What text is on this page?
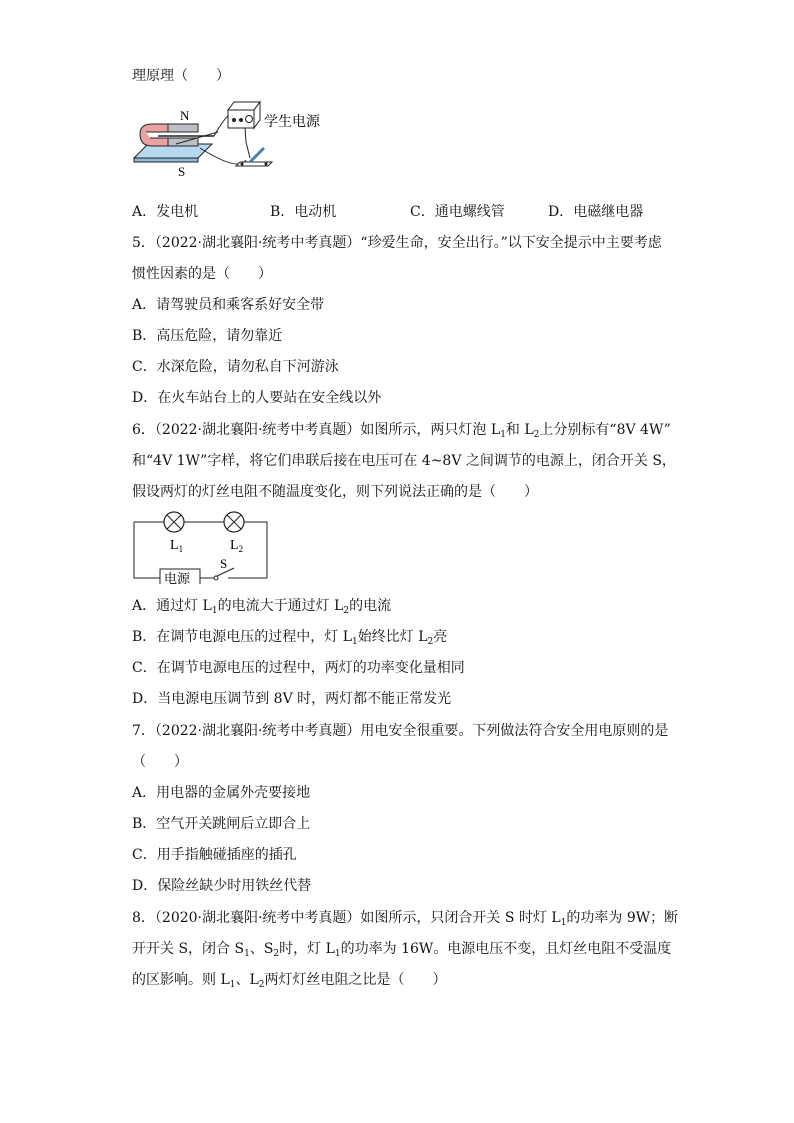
理原理（　　）
N
S
学生电源
A．发电机	B．电动机	C．通电螺线管	D．电磁继电器
5．（2022·湖北襄阳·统考中考真题）“珍爱生命，安全出行。”以下安全提示中主要考虑
惯性因素的是（　　）
A．请驾驶员和乘客系好安全带
B．高压危险，请勿靠近
C．水深危险，请勿私自下河游泳
D．在火车站台上的人要站在安全线以外
6．（2022·湖北襄阳·统考中考真题）如图所示，两只灯泡 $L_1$和 $L_2$上分别标有“8V 4W”
和“4V 1W”字样，将它们串联后接在电压可在 4~8V 之间调节的电源上，闭合开关 S，
假设两灯的灯丝电阻不随温度变化，则下列说法正确的是（　　）
$L_1$	$L_2$
S
电源
A．通过灯 $L_1$的电流大于通过灯 $L_2$的电流
B．在调节电源电压的过程中，灯 $L_1$始终比灯 $L_2$亮
C．在调节电源电压的过程中，两灯的功率变化量相同
D．当电源电压调节到 8V 时，两灯都不能正常发光
7．（2022·湖北襄阳·统考中考真题）用电安全很重要。下列做法符合安全用电原则的是
（　　）
A．用电器的金属外壳要接地
B．空气开关跳闸后立即合上
C．用手指触碰插座的插孔
D．保险丝缺少时用铁丝代替
8．（2020·湖北襄阳·统考中考真题）如图所示，只闭合开关 S 时灯 $L_1$的功率为 9W；断
开开关 S，闭合 $S_1$、$S_2$时，灯 $L_1$的功率为 16W。电源电压不变，且灯丝电阻不受温度
的区影响。则 $L_1$、$L_2$两灯灯丝电阻之比是（　　）
